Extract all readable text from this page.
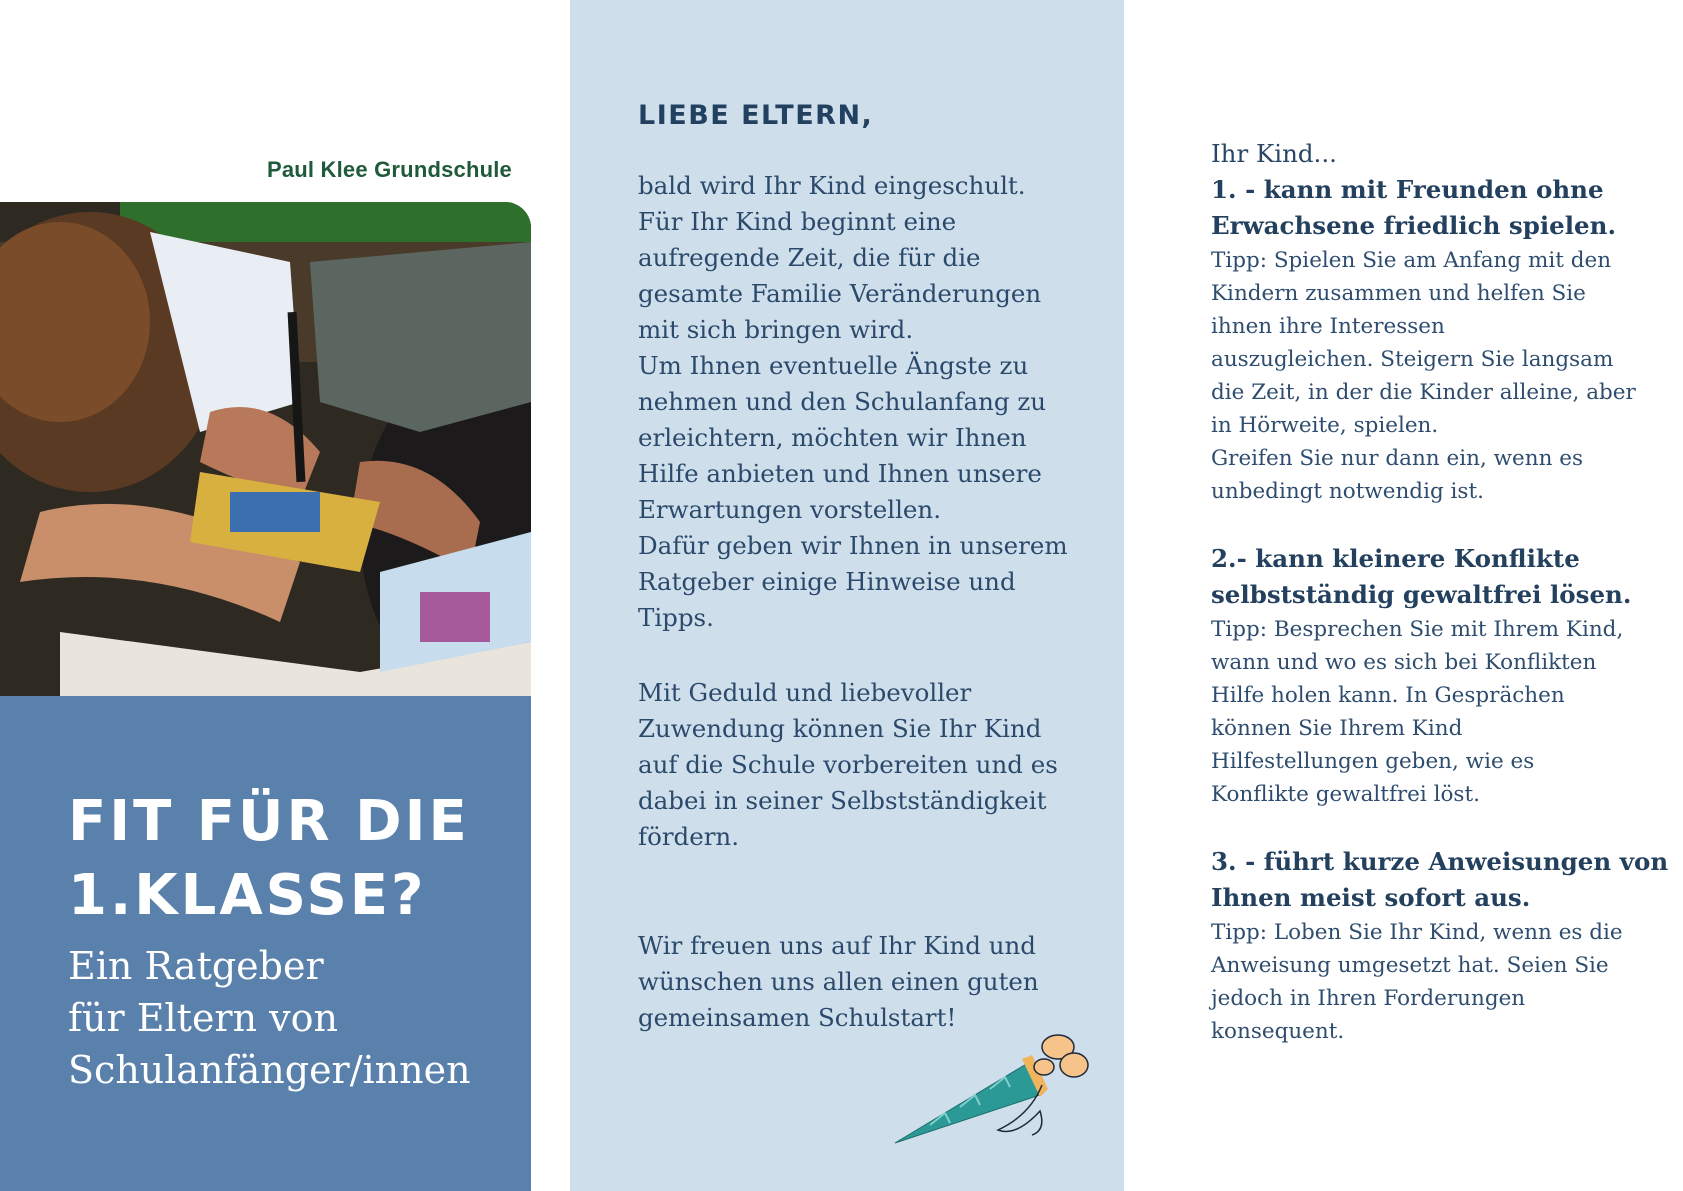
Paul Klee Grundschule
FIT FÜR DIE
1.KLASSE?
Ein Ratgeber
für Eltern von
Schulanfänger/innen
LIEBE ELTERN,
bald wird Ihr Kind eingeschult.
Für Ihr Kind beginnt eine
aufregende Zeit, die für die
gesamte Familie Veränderungen
mit sich bringen wird.
Um Ihnen eventuelle Ängste zu
nehmen und den Schulanfang zu
erleichtern, möchten wir Ihnen
Hilfe anbieten und Ihnen unsere
Erwartungen vorstellen.
Dafür geben wir Ihnen in unserem
Ratgeber einige Hinweise und
Tipps.
Mit Geduld und liebevoller
Zuwendung können Sie Ihr Kind
auf die Schule vorbereiten und es
dabei in seiner Selbstständigkeit
fördern.
Wir freuen uns auf Ihr Kind und
wünschen uns allen einen guten
gemeinsamen Schulstart!
Ihr Kind...
1. - kann mit Freunden ohne
Erwachsene friedlich spielen.
Tipp: Spielen Sie am Anfang mit den
Kindern zusammen und helfen Sie
ihnen ihre Interessen
auszugleichen. Steigern Sie langsam
die Zeit, in der die Kinder alleine, aber
in Hörweite, spielen.
Greifen Sie nur dann ein, wenn es
unbedingt notwendig ist.
2.- kann kleinere Konflikte
selbstständig gewaltfrei lösen.
Tipp: Besprechen Sie mit Ihrem Kind,
wann und wo es sich bei Konflikten
Hilfe holen kann. In Gesprächen
können Sie Ihrem Kind
Hilfestellungen geben, wie es
Konflikte gewaltfrei löst.
3. - führt kurze Anweisungen von
Ihnen meist sofort aus.
Tipp: Loben Sie Ihr Kind, wenn es die
Anweisung umgesetzt hat. Seien Sie
jedoch in Ihren Forderungen
konsequent.
